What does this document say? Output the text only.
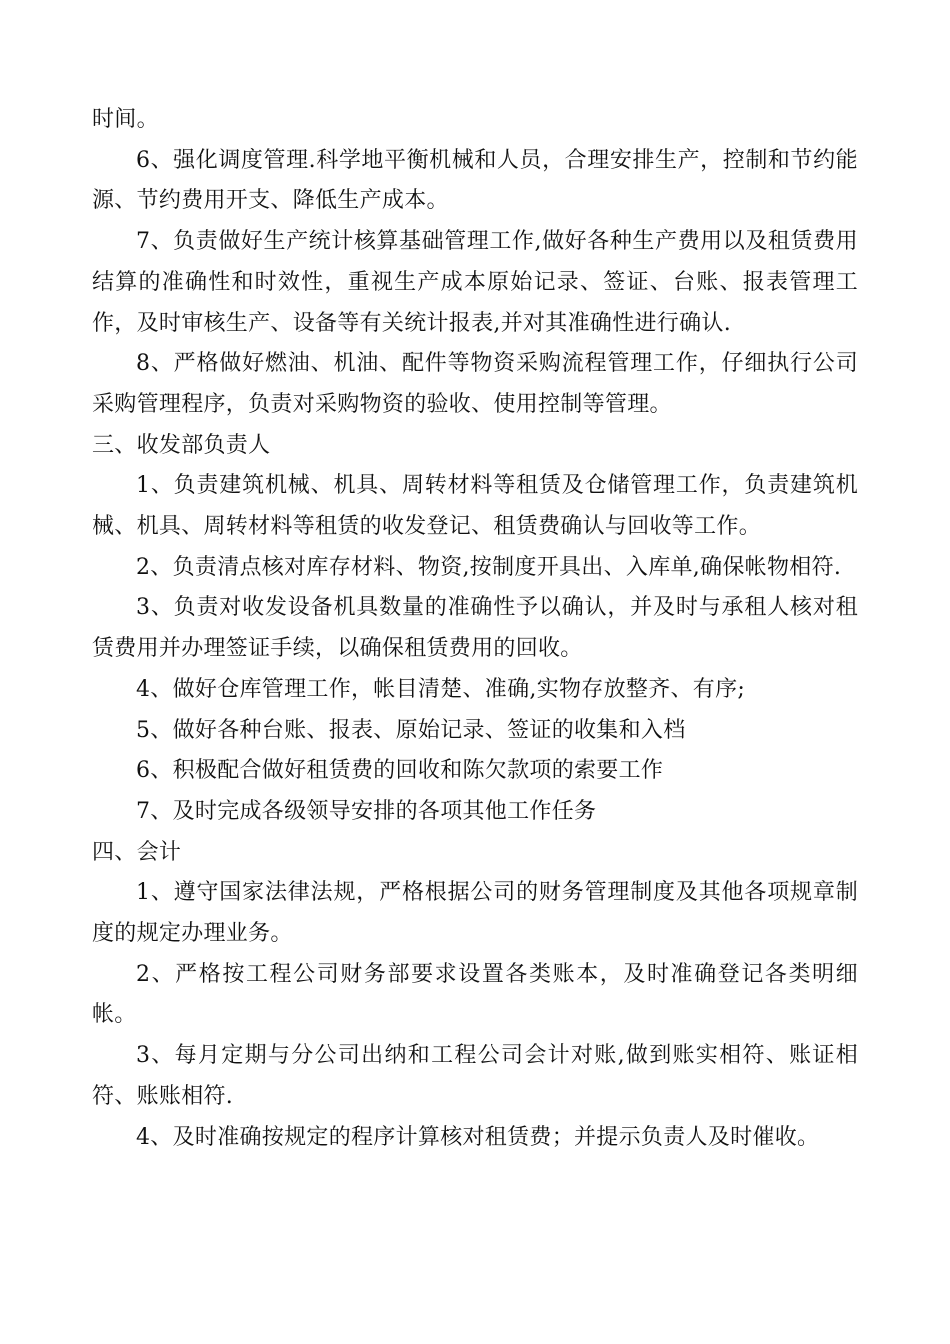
时间。

6、强化调度管理.科学地平衡机械和人员，合理安排生产，控制和节约能源、节约费用开支、降低生产成本。

7、负责做好生产统计核算基础管理工作,做好各种生产费用以及租赁费用结算的准确性和时效性，重视生产成本原始记录、签证、台账、报表管理工作，及时审核生产、设备等有关统计报表,并对其准确性进行确认.

8、严格做好燃油、机油、配件等物资采购流程管理工作，仔细执行公司采购管理程序，负责对采购物资的验收、使用控制等管理。

三、收发部负责人

1、负责建筑机械、机具、周转材料等租赁及仓储管理工作，负责建筑机械、机具、周转材料等租赁的收发登记、租赁费确认与回收等工作。

2、负责清点核对库存材料、物资,按制度开具出、入库单,确保帐物相符.

3、负责对收发设备机具数量的准确性予以确认，并及时与承租人核对租赁费用并办理签证手续，以确保租赁费用的回收。

4、做好仓库管理工作，帐目清楚、准确,实物存放整齐、有序;

5、做好各种台账、报表、原始记录、签证的收集和入档

6、积极配合做好租赁费的回收和陈欠款项的索要工作

7、及时完成各级领导安排的各项其他工作任务

四、会计

1、遵守国家法律法规，严格根据公司的财务管理制度及其他各项规章制度的规定办理业务。

2、严格按工程公司财务部要求设置各类账本，及时准确登记各类明细帐。

3、每月定期与分公司出纳和工程公司会计对账,做到账实相符、账证相符、账账相符.

4、及时准确按规定的程序计算核对租赁费；并提示负责人及时催收。
